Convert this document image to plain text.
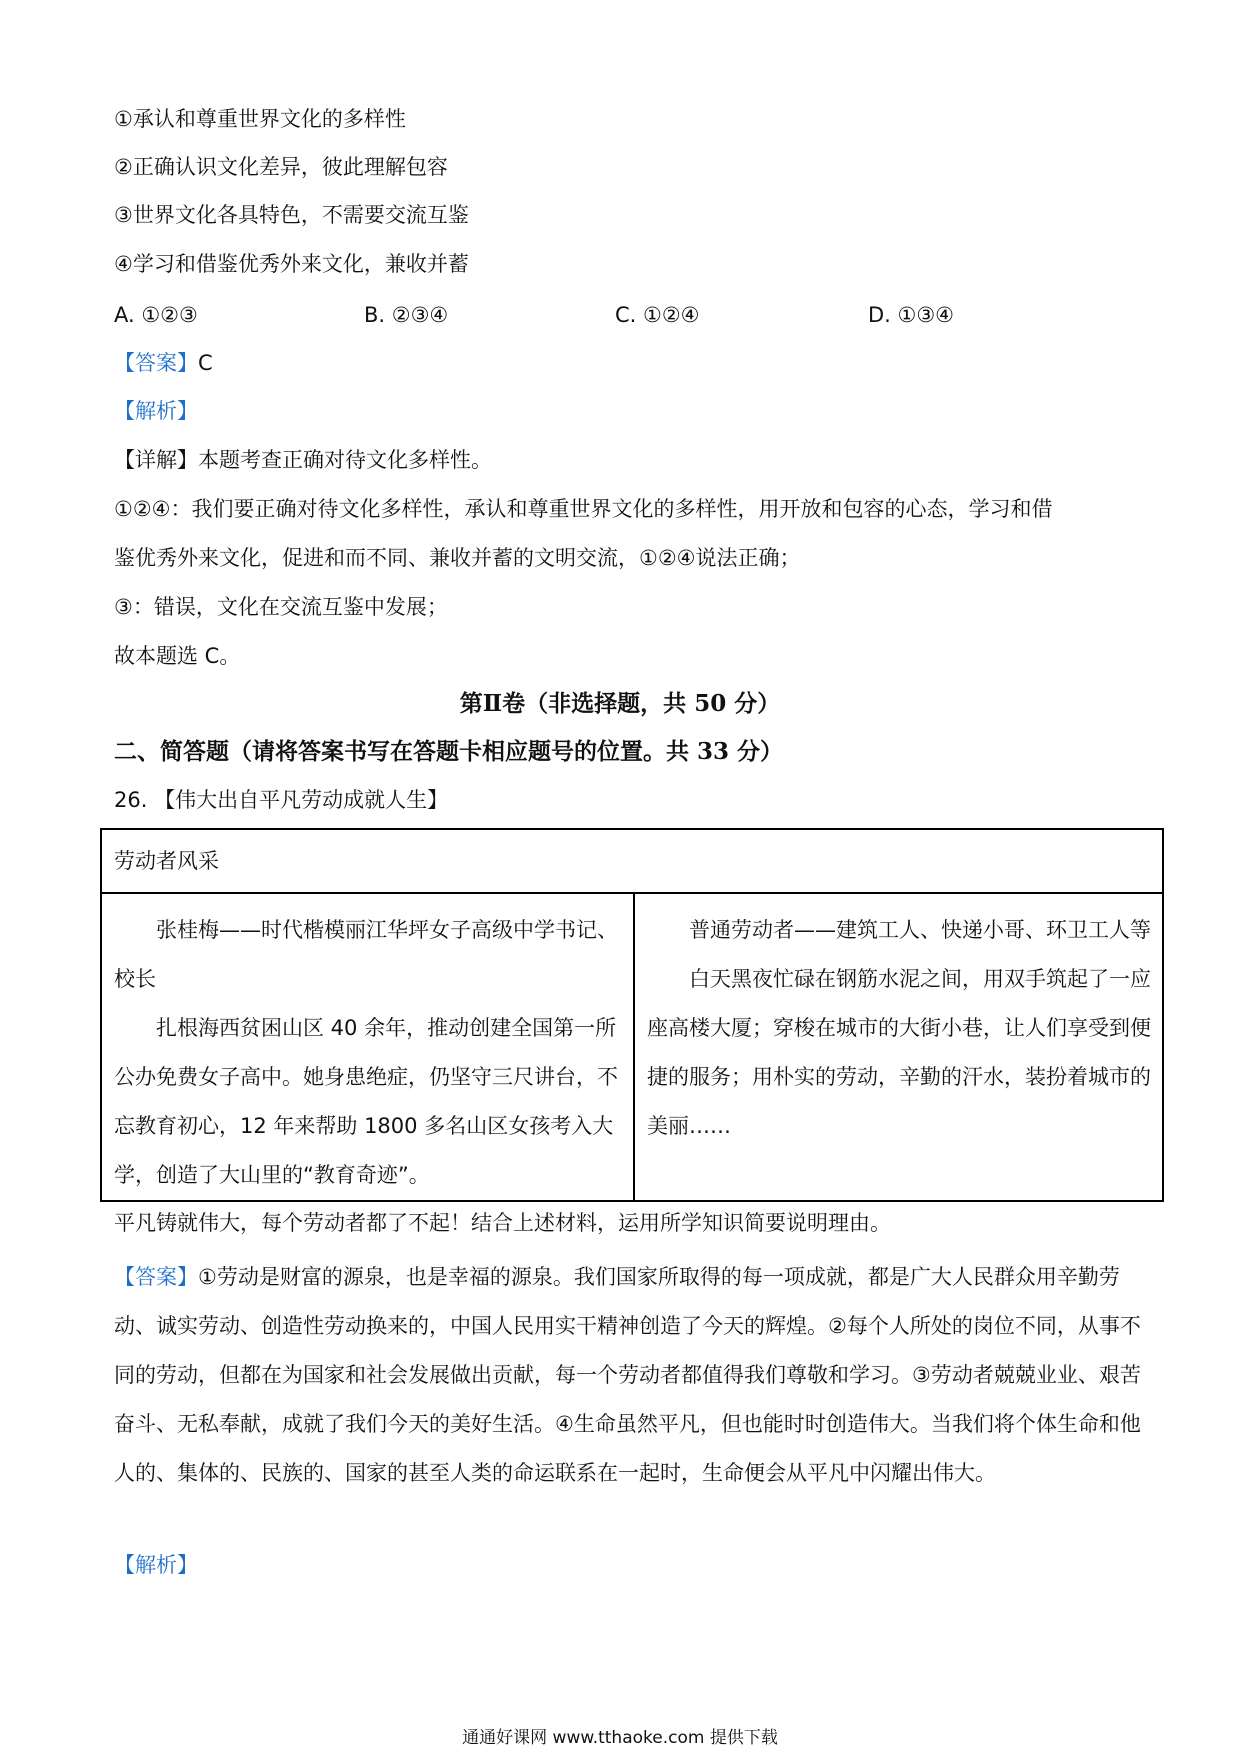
①承认和尊重世界文化的多样性
②正确认识文化差异，彼此理解包容
③世界文化各具特色，不需要交流互鉴
④学习和借鉴优秀外来文化，兼收并蓄
A. ①②③	B. ②③④	C. ①②④	D. ①③④
【答案】C
【解析】
【详解】本题考查正确对待文化多样性。
①②④：我们要正确对待文化多样性，承认和尊重世界文化的多样性，用开放和包容的心态，学习和借
鉴优秀外来文化，促进和而不同、兼收并蓄的文明交流，①②④说法正确；
③：错误，文化在交流互鉴中发展；
故本题选 C。
第Ⅱ卷（非选择题，共 50 分）
二、简答题（请将答案书写在答题卡相应题号的位置。共 33 分）
26. 【伟大出自平凡劳动成就人生】
劳动者风采

张桂梅——时代楷模丽江华坪女子高级中学书记、校长

扎根海西贫困山区 40 余年，推动创建全国第一所公办免费女子高中。她身患绝症，仍坚守三尺讲台，不忘教育初心，12 年来帮助 1800 多名山区女孩考入大学，创造了大山里的“教育奇迹”。

普通劳动者——建筑工人、快递小哥、环卫工人等

白天黑夜忙碌在钢筋水泥之间，用双手筑起了一应座高楼大厦；穿梭在城市的大街小巷，让人们享受到便捷的服务；用朴实的劳动，辛勤的汗水，装扮着城市的美丽……

平凡铸就伟大，每个劳动者都了不起！结合上述材料，运用所学知识简要说明理由。
【答案】①劳动是财富的源泉，也是幸福的源泉。我们国家所取得的每一项成就，都是广大人民群众用辛勤劳动、诚实劳动、创造性劳动换来的，中国人民用实干精神创造了今天的辉煌。②每个人所处的岗位不同，从事不同的劳动，但都在为国家和社会发展做出贡献，每一个劳动者都值得我们尊敬和学习。③劳动者兢兢业业、艰苦奋斗、无私奉献，成就了我们今天的美好生活。④生命虽然平凡，但也能时时创造伟大。当我们将个体生命和他人的、集体的、民族的、国家的甚至人类的命运联系在一起时，生命便会从平凡中闪耀出伟大。
【解析】
通通好课网 www.tthaoke.com 提供下载
